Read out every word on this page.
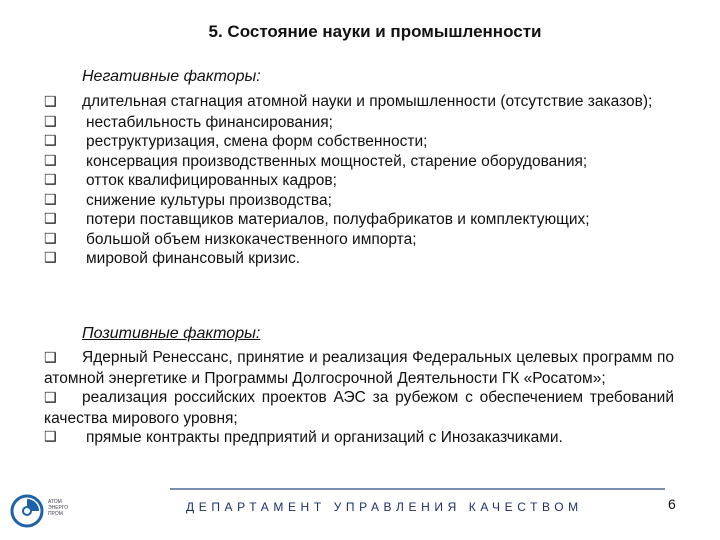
5. Состояние науки и промышленности
Негативные факторы:
❑ длительная стагнация атомной науки и промышленности (отсутствие заказов);
❑	нестабильность финансирования;
❑	реструктуризация, смена форм собственности;
❑	консервация производственных мощностей, старение оборудования;
❑	отток квалифицированных кадров;
❑	снижение культуры производства;
❑	потери поставщиков материалов, полуфабрикатов и комплектующих;
❑	большой объем низкокачественного импорта;
❑	мировой финансовый кризис.
Позитивные факторы:
❑ Ядерный Ренессанс, принятие и реализация Федеральных целевых программ по атомной энергетике и Программы Долгосрочной Деятельности ГК «Росатом»;
❑ реализация российских проектов АЭС за рубежом с обеспечением требований качества мирового уровня;
❑	прямые контракты предприятий и организаций с Инозаказчиками.
АТОМ ЭНЕРГО ПРОМ	ДЕПАРТАМЕНТ УПРАВЛЕНИЯ КАЧЕСТВОМ	6
